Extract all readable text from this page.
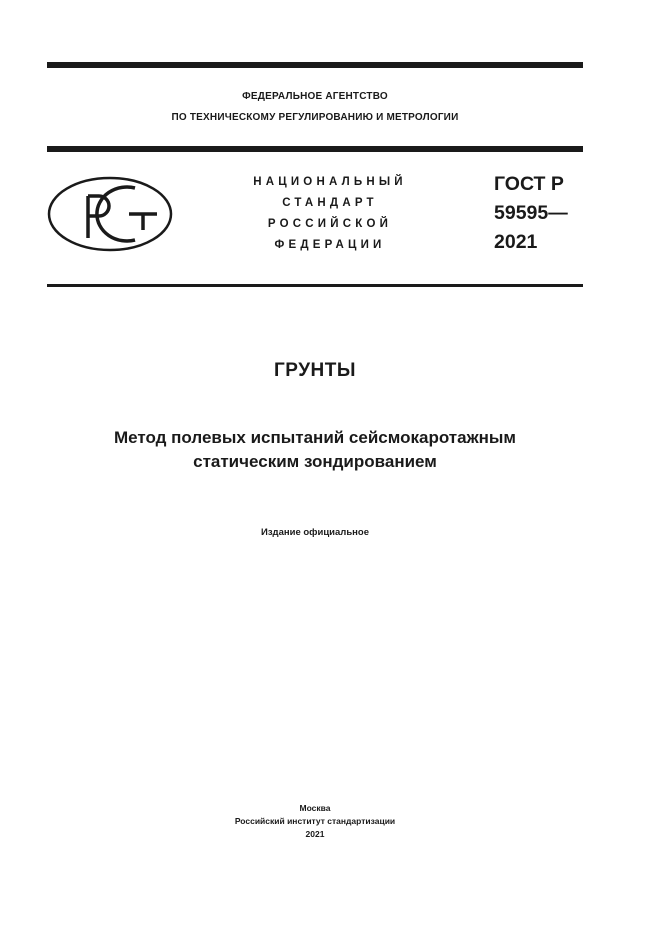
ФЕДЕРАЛЬНОЕ АГЕНТСТВО
ПО ТЕХНИЧЕСКОМУ РЕГУЛИРОВАНИЮ И МЕТРОЛОГИИ
НАЦИОНАЛЬНЫЙ
СТАНДАРТ
РОССИЙСКОЙ
ФЕДЕРАЦИИ
ГОСТ Р
59595—
2021
ГРУНТЫ
Метод полевых испытаний сейсмокаротажным
статическим зондированием
Издание официальное
Москва
Российский институт стандартизации
2021
